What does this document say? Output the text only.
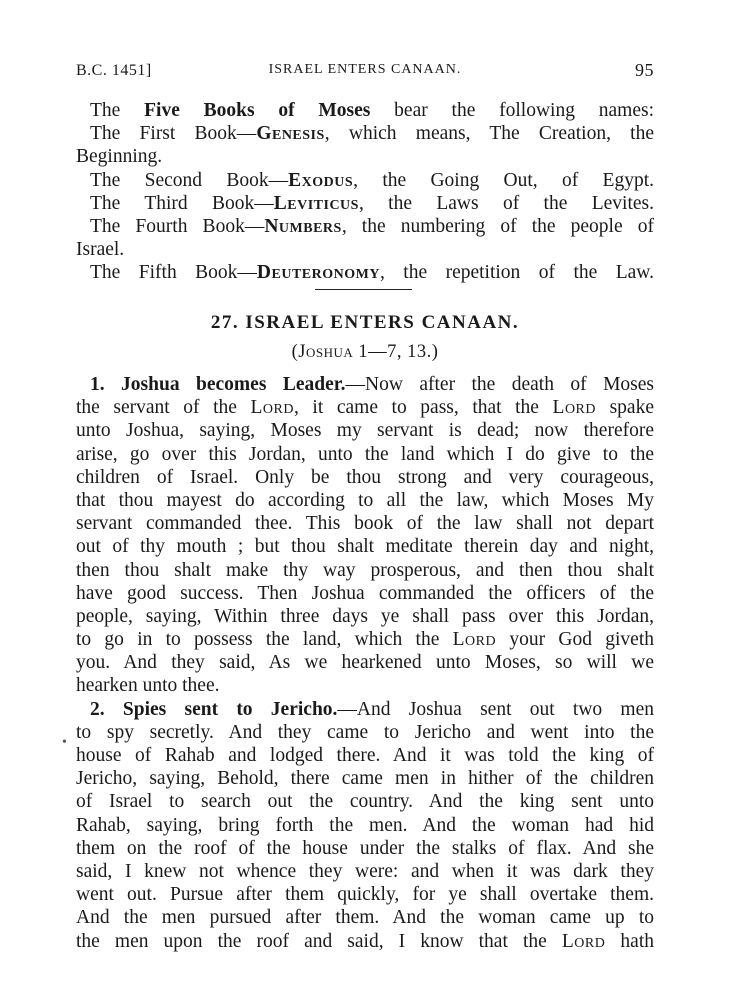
B.C. 1451]	ISRAEL ENTERS CANAAN.	95
The Five Books of Moses bear the following names:
The First Book—Genesis, which means, The Creation, the
Beginning.
The Second Book—Exodus, the Going Out, of Egypt.
The Third Book—Leviticus, the Laws of the Levites.
The Fourth Book—Numbers, the numbering of the people of
Israel.
The Fifth Book—Deuteronomy, the repetition of the Law.
27. ISRAEL ENTERS CANAAN.
(Joshua 1—7, 13.)
1. Joshua becomes Leader.—Now after the death of Moses
the servant of the Lord, it came to pass, that the Lord spake
unto Joshua, saying, Moses my servant is dead; now therefore
arise, go over this Jordan, unto the land which I do give to the
children of Israel. Only be thou strong and very courageous,
that thou mayest do according to all the law, which Moses My
servant commanded thee. This book of the law shall not depart
out of thy mouth ; but thou shalt meditate therein day and night,
then thou shalt make thy way prosperous, and then thou shalt
have good success. Then Joshua commanded the officers of the
people, saying, Within three days ye shall pass over this Jordan,
to go in to possess the land, which the Lord your God giveth
you. And they said, As we hearkened unto Moses, so will we
hearken unto thee.
2. Spies sent to Jericho.—And Joshua sent out two men
to spy secretly. And they came to Jericho and went into the
house of Rahab and lodged there. And it was told the king of
Jericho, saying, Behold, there came men in hither of the children
of Israel to search out the country. And the king sent unto
Rahab, saying, bring forth the men. And the woman had hid
them on the roof of the house under the stalks of flax. And she
said, I knew not whence they were: and when it was dark they
went out. Pursue after them quickly, for ye shall overtake them.
And the men pursued after them. And the woman came up to
the men upon the roof and said, I know that the Lord hath
•
